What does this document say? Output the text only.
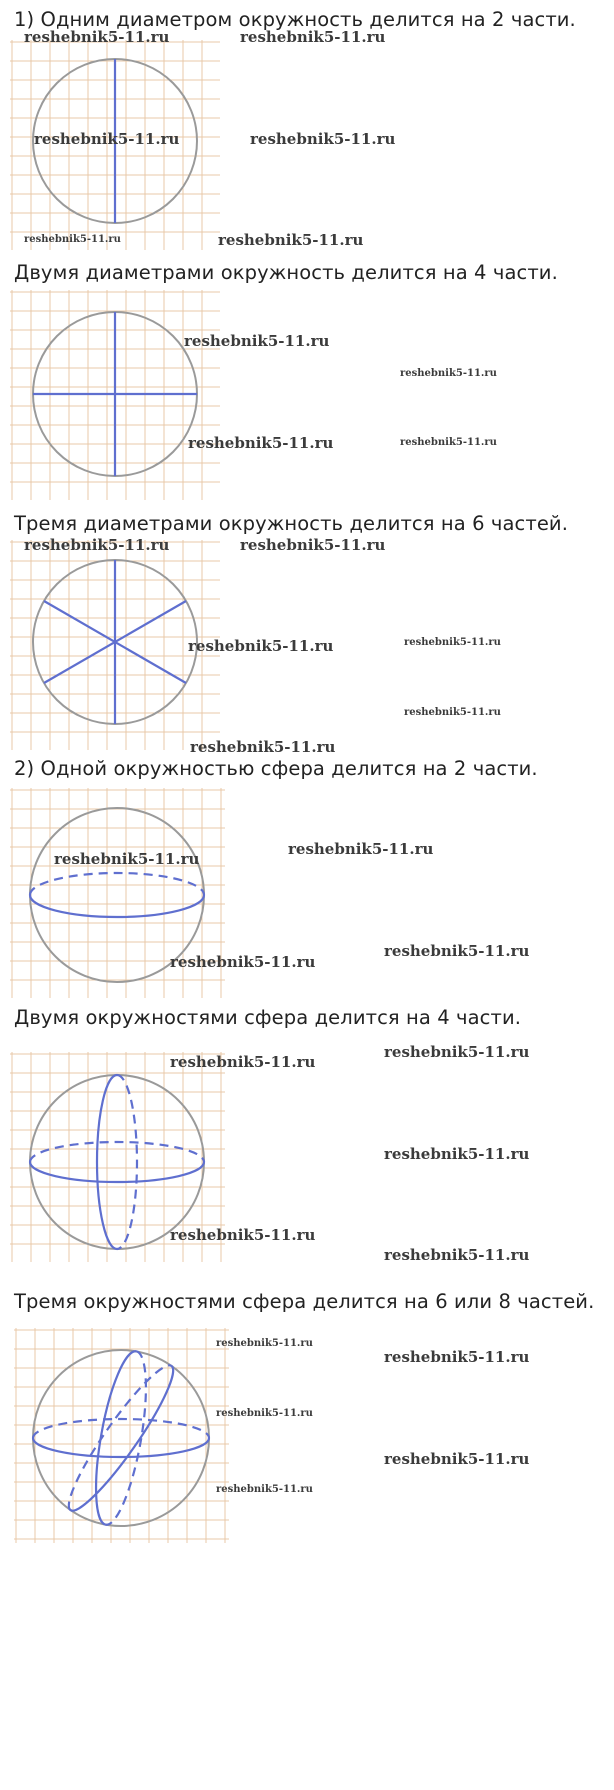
1) Одним диаметром окружность делится на 2 части.
Двумя диаметрами окружность делится на 4 части.
Тремя диаметрами окружность делится на 6 частей.
2) Одной окружностью сфера делится на 2 части.
Двумя окружностями сфера делится на 4 части.
Тремя окружностями сфера делится на 6 или 8 частей.
reshebnik5-11.ru	reshebnik5-11.ru
reshebnik5-11.ru	reshebnik5-11.ru
reshebnik5-11.ru	reshebnik5-11.ru
reshebnik5-11.ru
reshebnik5-11.ru
reshebnik5-11.ru	reshebnik5-11.ru
reshebnik5-11.ru	reshebnik5-11.ru
reshebnik5-11.ru	reshebnik5-11.ru
reshebnik5-11.ru
reshebnik5-11.ru
reshebnik5-11.ru
reshebnik5-11.ru
reshebnik5-11.ru
reshebnik5-11.ru
reshebnik5-11.ru
reshebnik5-11.ru
reshebnik5-11.ru
reshebnik5-11.ru
reshebnik5-11.ru
reshebnik5-11.ru
reshebnik5-11.ru
reshebnik5-11.ru
reshebnik5-11.ru
reshebnik5-11.ru
